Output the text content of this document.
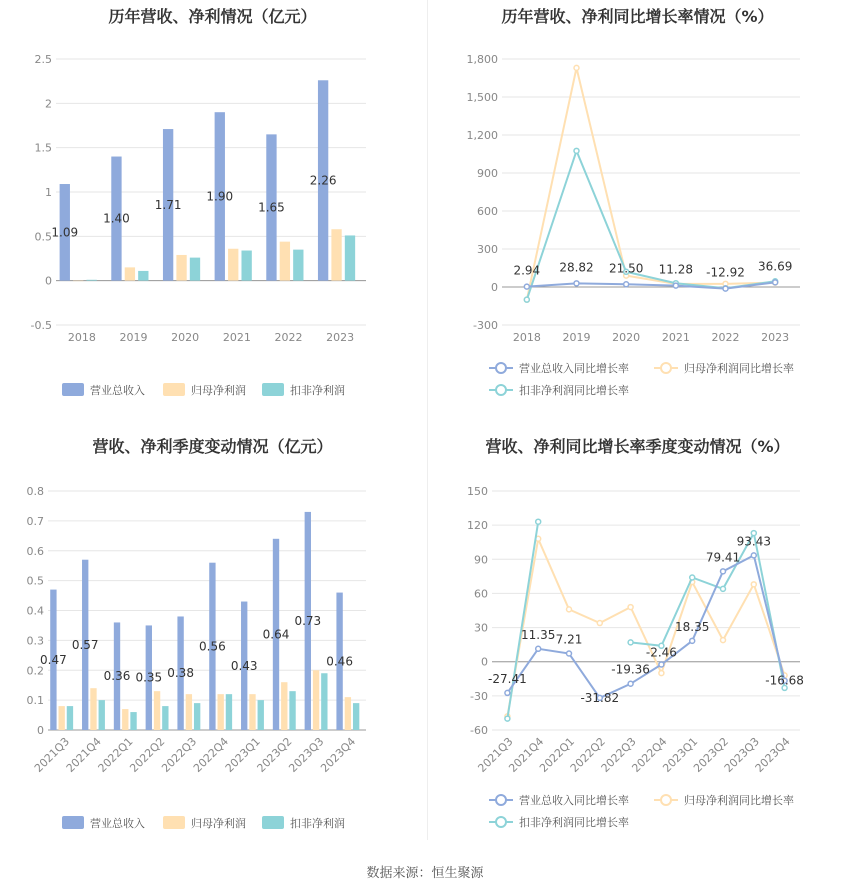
历年营收、净利情况（亿元）
-0.5
0
0.5
1
1.5
2
2.5
2018 2019 2020 2021 2022 2023
1.09
1.40
1.71
1.90
1.65
2.26
营业总收入	归母净利润	扣非净利润
历年营收、净利同比增长率情况（%）
-300
0
300
600
900
1,200
1,500
1,800
2018 2019 2020 2021 2022 2023
2.94 28.82 21.50 11.28 -12.92 36.69
营业总收入同比增长率	归母净利润同比增长率
扣非净利润同比增长率
营收、净利季度变动情况（亿元）
0
0.1
0.2
0.3
0.4
0.5
0.6
0.7
0.8
2021Q3
2021Q4
2022Q1
2022Q2
2022Q3
2022Q4
2023Q1
2023Q2
2023Q3
2023Q4
0.47
0.57
0.36 0.35 0.38
0.56
0.43
0.64
0.73
0.46
营业总收入	归母净利润	扣非净利润
营收、净利同比增长率季度变动情况（%）
-60
-30
0
30
60
90
120
150
2021Q3
2021Q4
2022Q1
2022Q2
2022Q3
2022Q4
2023Q1
2023Q2
2023Q3
2023Q4
-27.41
11.35 7.21
-31.82
-19.36
-2.46
18.35
79.41
93.43
-16.68
营业总收入同比增长率	归母净利润同比增长率
扣非净利润同比增长率
数据来源：恒生聚源
